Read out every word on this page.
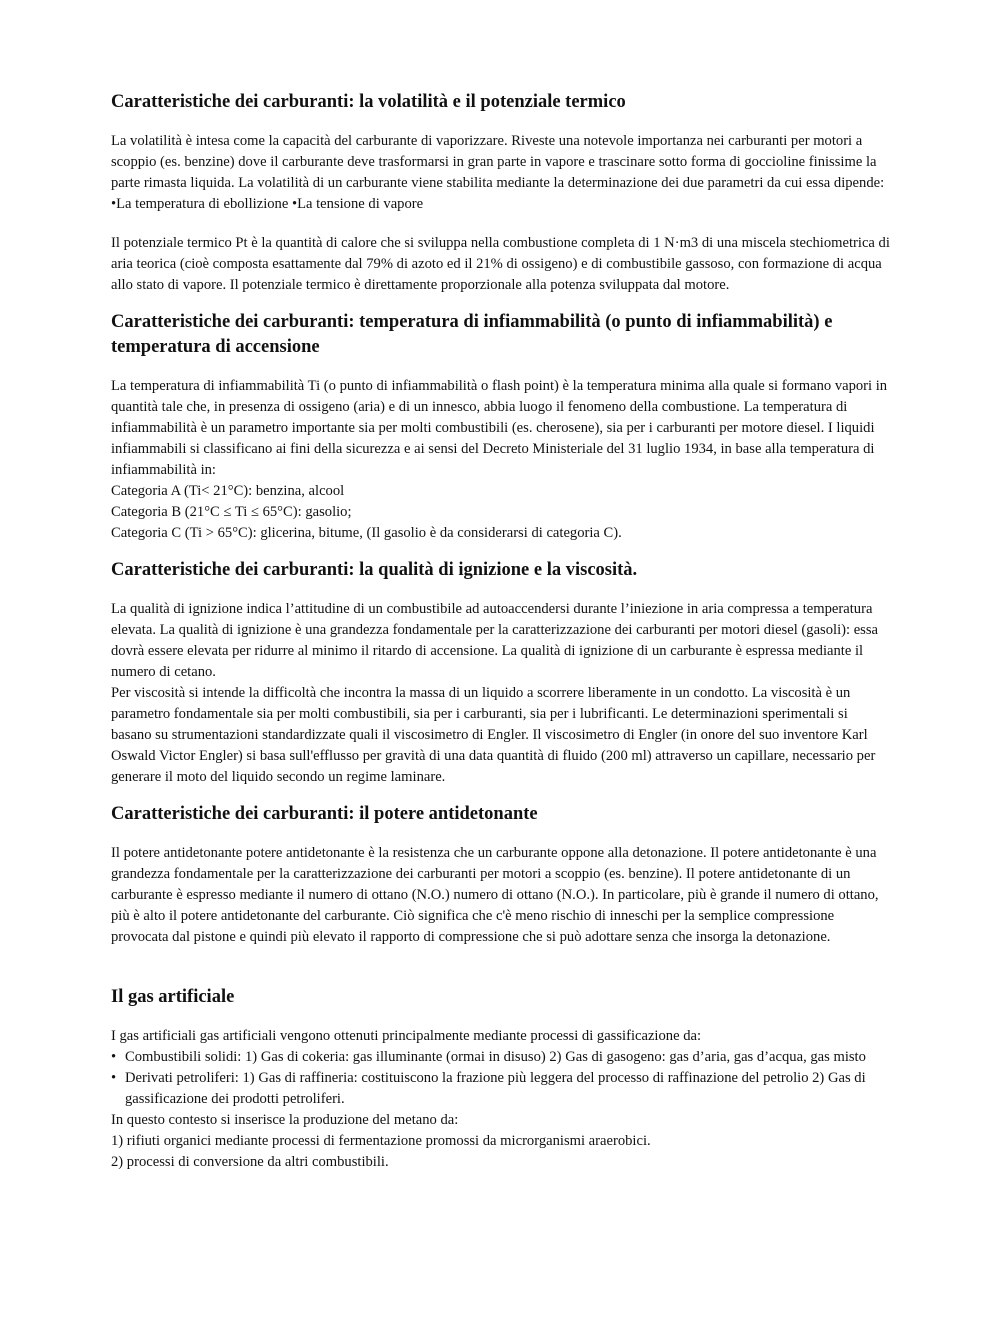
Caratteristiche dei carburanti: la volatilità e il potenziale termico

La volatilità è intesa come la capacità del carburante di vaporizzare. Riveste una notevole importanza nei carburanti per motori a scoppio (es. benzine) dove il carburante deve trasformarsi in gran parte in vapore e trascinare sotto forma di goccioline finissime la parte rimasta liquida. La volatilità di un carburante viene stabilita mediante la determinazione dei due parametri da cui essa dipende: •La temperatura di ebollizione •La tensione di vapore

Il potenziale termico Pt è la quantità di calore che si sviluppa nella combustione completa di 1 N·m3 di una miscela stechiometrica di aria teorica (cioè composta esattamente dal 79% di azoto ed il 21% di ossigeno) e di combustibile gassoso, con formazione di acqua allo stato di vapore. Il potenziale termico è direttamente proporzionale alla potenza sviluppata dal motore.

Caratteristiche dei carburanti: temperatura di infiammabilità (o punto di infiammabilità) e temperatura di accensione

La temperatura di infiammabilità Ti (o punto di infiammabilità o flash point) è la temperatura minima alla quale si formano vapori in quantità tale che, in presenza di ossigeno (aria) e di un innesco, abbia luogo il fenomeno della combustione. La temperatura di infiammabilità è un parametro importante sia per molti combustibili (es. cherosene), sia per i carburanti per motore diesel. I liquidi infiammabili si classificano ai fini della sicurezza e ai sensi del Decreto Ministeriale del 31 luglio 1934, in base alla temperatura di infiammabilità in:

Categoria A (Ti< 21°C): benzina, alcool
Categoria B (21°C ≤ Ti ≤ 65°C): gasolio;
Categoria C (Ti > 65°C): glicerina, bitume, (Il gasolio è da considerarsi di categoria C).
Caratteristiche dei carburanti: la qualità di ignizione e la viscosità.

La qualità di ignizione indica l’attitudine di un combustibile ad autoaccendersi durante l’iniezione in aria compressa a temperatura elevata. La qualità di ignizione è una grandezza fondamentale per la caratterizzazione dei carburanti per motori diesel (gasoli): essa dovrà essere elevata per ridurre al minimo il ritardo di accensione. La qualità di ignizione di un carburante è espressa mediante il numero di cetano.

Per viscosità si intende la difficoltà che incontra la massa di un liquido a scorrere liberamente in un condotto. La viscosità è un parametro fondamentale sia per molti combustibili, sia per i carburanti, sia per i lubrificanti. Le determinazioni sperimentali si basano su strumentazioni standardizzate quali il viscosimetro di Engler. Il viscosimetro di Engler (in onore del suo inventore Karl Oswald Victor Engler) si basa sull'efflusso per gravità di una data quantità di fluido (200 ml) attraverso un capillare, necessario per generare il moto del liquido secondo un regime laminare.

Caratteristiche dei carburanti: il potere antidetonante

Il potere antidetonante potere antidetonante è la resistenza che un carburante oppone alla detonazione. Il potere antidetonante è una grandezza fondamentale per la caratterizzazione dei carburanti per motori a scoppio (es. benzine). Il potere antidetonante di un carburante è espresso mediante il numero di ottano (N.O.) numero di ottano (N.O.). In particolare, più è grande il numero di ottano, più è alto il potere antidetonante del carburante. Ciò significa che c'è meno rischio di inneschi per la semplice compressione provocata dal pistone e quindi più elevato il rapporto di compressione che si può adottare senza che insorga la detonazione.

Il gas artificiale

I gas artificiali gas artificiali vengono ottenuti principalmente mediante processi di gassificazione da:

• Combustibili solidi: 1) Gas di cokeria: gas illuminante (ormai in disuso) 2) Gas di gasogeno: gas d’aria, gas d’acqua, gas misto
• Derivati petroliferi: 1) Gas di raffineria: costituiscono la frazione più leggera del processo di raffinazione del petrolio 2) Gas di gassificazione dei prodotti petroliferi.
In questo contesto si inserisce la produzione del metano da:
1) rifiuti organici mediante processi di fermentazione promossi da microrganismi araerobici.
2) processi di conversione da altri combustibili.
